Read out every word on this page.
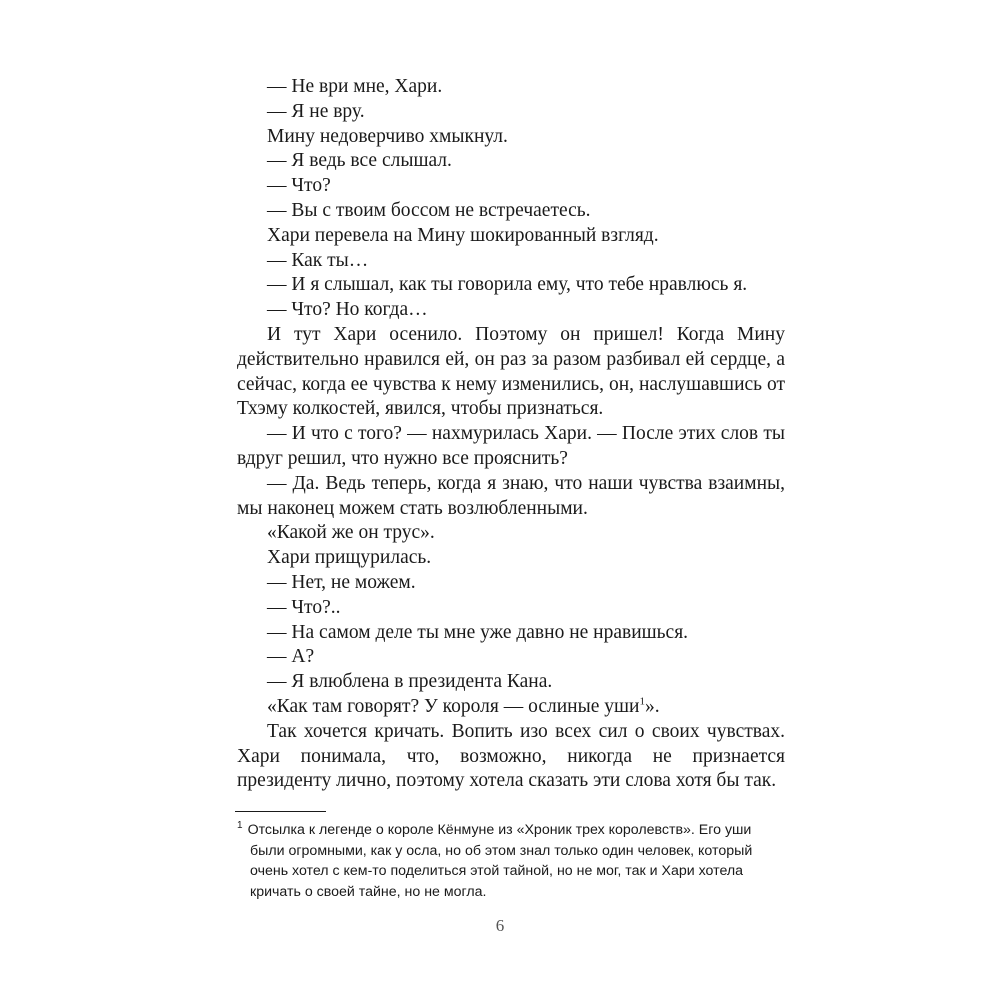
— Не ври мне, Хари.

— Я не вру.

Мину недоверчиво хмыкнул.

— Я ведь все слышал.

— Что?

— Вы с твоим боссом не встречаетесь.

Хари перевела на Мину шокированный взгляд.

— Как ты…

— И я слышал, как ты говорила ему, что тебе нравлюсь я.

— Что? Но когда…

И тут Хари осенило. Поэтому он пришел! Когда Мину действительно нравился ей, он раз за разом разбивал ей сердце, а сейчас, когда ее чувства к нему изменились, он, наслушавшись от Тхэму колкостей, явился, чтобы признаться.

— И что с того? — нахмурилась Хари. — После этих слов ты вдруг решил, что нужно все прояснить?

— Да. Ведь теперь, когда я знаю, что наши чувства взаимны, мы наконец можем стать возлюбленными.

«Какой же он трус».

Хари прищурилась.

— Нет, не можем.

— Что?..

— На самом деле ты мне уже давно не нравишься.

— А?

— Я влюблена в президента Кана.

«Как там говорят? У короля — ослиные уши$^1$».

Так хочется кричать. Вопить изо всех сил о своих чувствах. Хари понимала, что, возможно, никогда не признается президенту лично, поэтому хотела сказать эти слова хотя бы так.

$^1$ Отсылка к легенде о короле Кёнмуне из «Хроник трех королевств». Его уши были огромными, как у осла, но об этом знал только один человек, который очень хотел с кем-то поделиться этой тайной, но не мог, так и Хари хотела кричать о своей тайне, но не могла.
6
